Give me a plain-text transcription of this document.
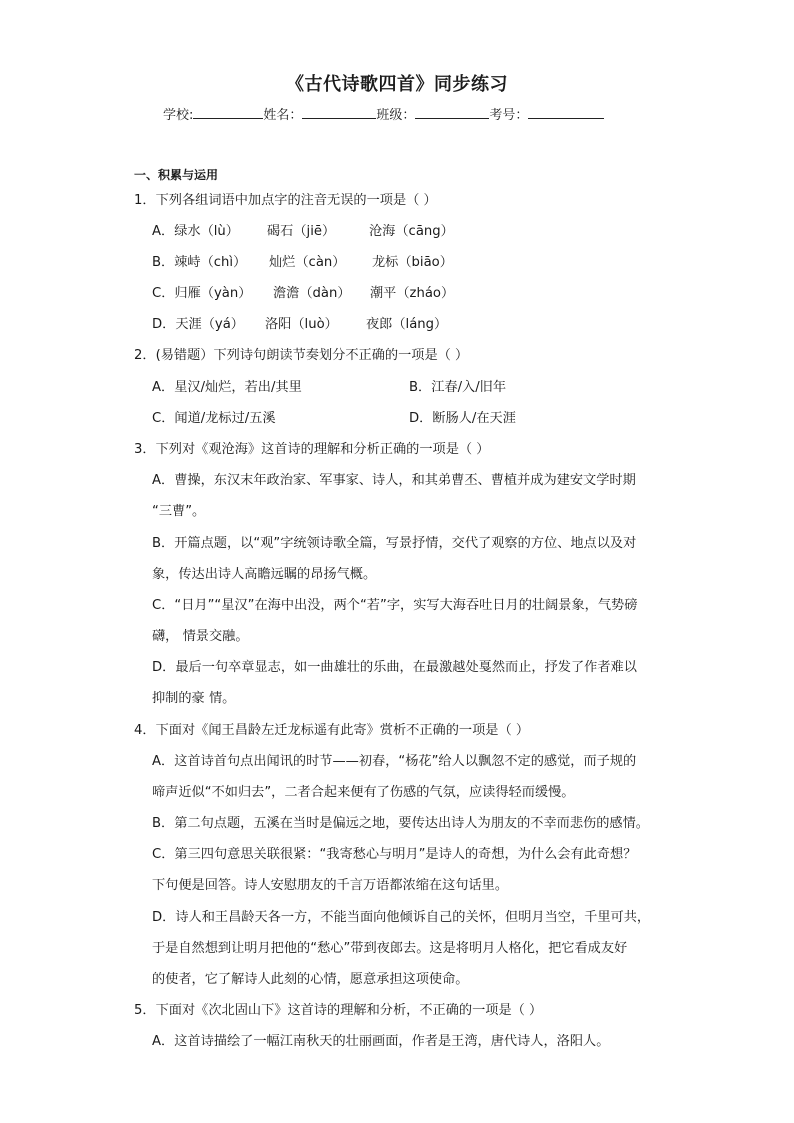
《古代诗歌四首》同步练习
学校:	姓名：	班级：	考号：
一、积累与运用
1．下列各组词语中加点字的注音无误的一项是（ ）
A．绿水（lù） 碣石（jiē）	沧海（cāng）
B．竦峙（chì） 灿烂（càn） 龙标（biāo）
C．归雁（yàn） 澹澹（dàn） 潮平（zháo）
D．天涯（yá） 洛阳（luò） 夜郎（láng）
2．(易错题）下列诗句朗读节奏划分不正确的一项是（ ）
A．星汉/灿烂，若出/其里	B．江春/入/旧年
C．闻道/龙标过/五溪	D．断肠人/在天涯
3．下列对《观沧海》这首诗的理解和分析正确的一项是（ ）
A．曹操，东汉末年政治家、军事家、诗人，和其弟曹丕、曹植并成为建安文学时期
“三曹”。
B．开篇点题，以“观”字统领诗歌全篇，写景抒情，交代了观察的方位、地点以及对
象，传达出诗人高瞻远瞩的昂扬气概。
C．“日月”“星汉”在海中出没，两个“若”字，实写大海吞吐日月的壮阔景象，气势磅
礴， 情景交融。
D．最后一句卒章显志，如一曲雄壮的乐曲，在最激越处戛然而止，抒发了作者难以
抑制的豪 情。
4．下面对《闻王昌龄左迁龙标遥有此寄》赏析不正确的一项是（ ）
A．这首诗首句点出闻讯的时节——初春，“杨花”给人以飘忽不定的感觉，而子规的
啼声近似“不如归去”，二者合起来便有了伤感的气氛，应读得轻而缓慢。
B．第二句点题，五溪在当时是偏远之地，要传达出诗人为朋友的不幸而悲伤的感情。
C．第三四句意思关联很紧：“我寄愁心与明月”是诗人的奇想，为什么会有此奇想？
下句便是回答。诗人安慰朋友的千言万语都浓缩在这句话里。
D．诗人和王昌龄天各一方，不能当面向他倾诉自己的关怀，但明月当空，千里可共，
于是自然想到让明月把他的“愁心”带到夜郎去。这是将明月人格化，把它看成友好
的使者，它了解诗人此刻的心情，愿意承担这项使命。
5．下面对《次北固山下》这首诗的理解和分析，不正确的一项是（ ）
A．这首诗描绘了一幅江南秋天的壮丽画面，作者是王湾，唐代诗人，洛阳人。
